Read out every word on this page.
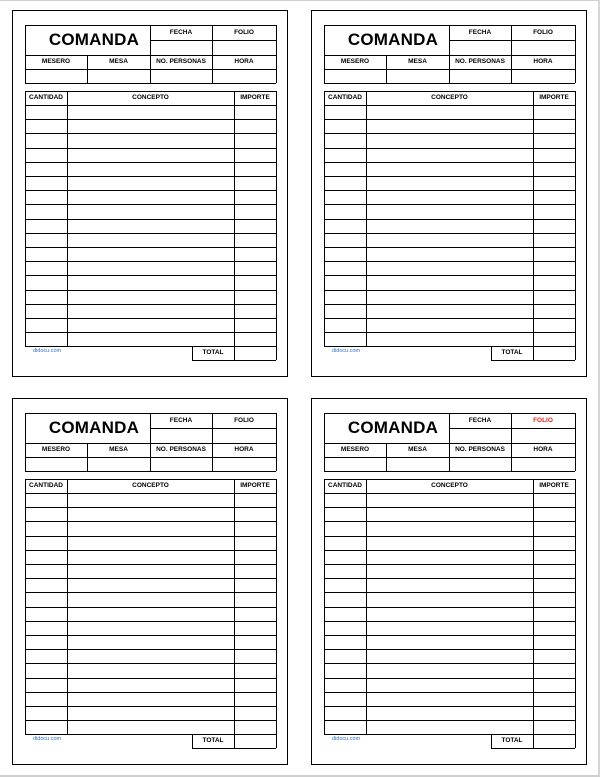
COMANDA	FECHA	FOLIO
MESERO	MESA	NO. PERSONAS	HORA
CANTIDAD	CONCEPTO	IMPORTE
TOTAL
didocu.com
COMANDA	FECHA	FOLIO
MESERO	MESA	NO. PERSONAS	HORA
CANTIDAD	CONCEPTO	IMPORTE
TOTAL
didocu.com
COMANDA	FECHA	FOLIO
MESERO	MESA	NO. PERSONAS	HORA
CANTIDAD	CONCEPTO	IMPORTE
TOTAL
didocu.com
COMANDA	FECHA	FOLIO
MESERO	MESA	NO. PERSONAS	HORA
CANTIDAD	CONCEPTO	IMPORTE
TOTAL
didocu.com
